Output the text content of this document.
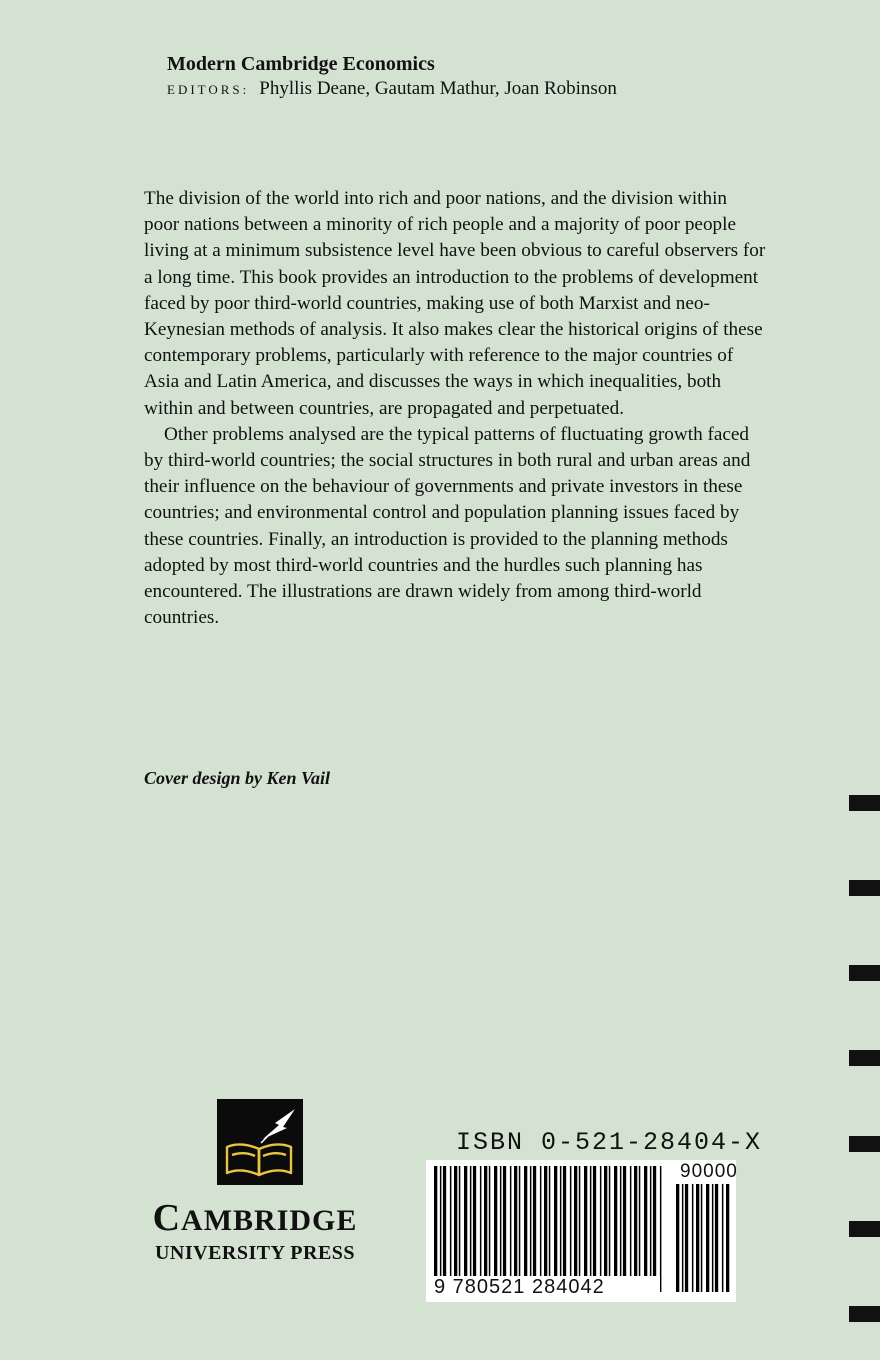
Modern Cambridge Economics

EDITORS: Phyllis Deane, Gautam Mathur, Joan Robinson

The division of the world into rich and poor nations, and the division within poor nations between a minority of rich people and a majority of poor people living at a minimum subsistence level have been obvious to careful observers for a long time. This book provides an introduction to the problems of development faced by poor third-world countries, making use of both Marxist and neo-Keynesian methods of analysis. It also makes clear the historical origins of these contemporary problems, particularly with reference to the major countries of Asia and Latin America, and discusses the ways in which inequalities, both within and between countries, are propagated and perpetuated.

Other problems analysed are the typical patterns of fluctuating growth faced by third-world countries; the social structures in both rural and urban areas and their influence on the behaviour of governments and private investors in these countries; and environmental control and population planning issues faced by these countries. Finally, an introduction is provided to the planning methods adopted by most third-world countries and the hurdles such planning has encountered. The illustrations are drawn widely from among third-world countries.

Cover design by Ken Vail
CAMBRIDGE
UNIVERSITY PRESS
ISBN 0-521-28404-X
9 780521 284042
90000
